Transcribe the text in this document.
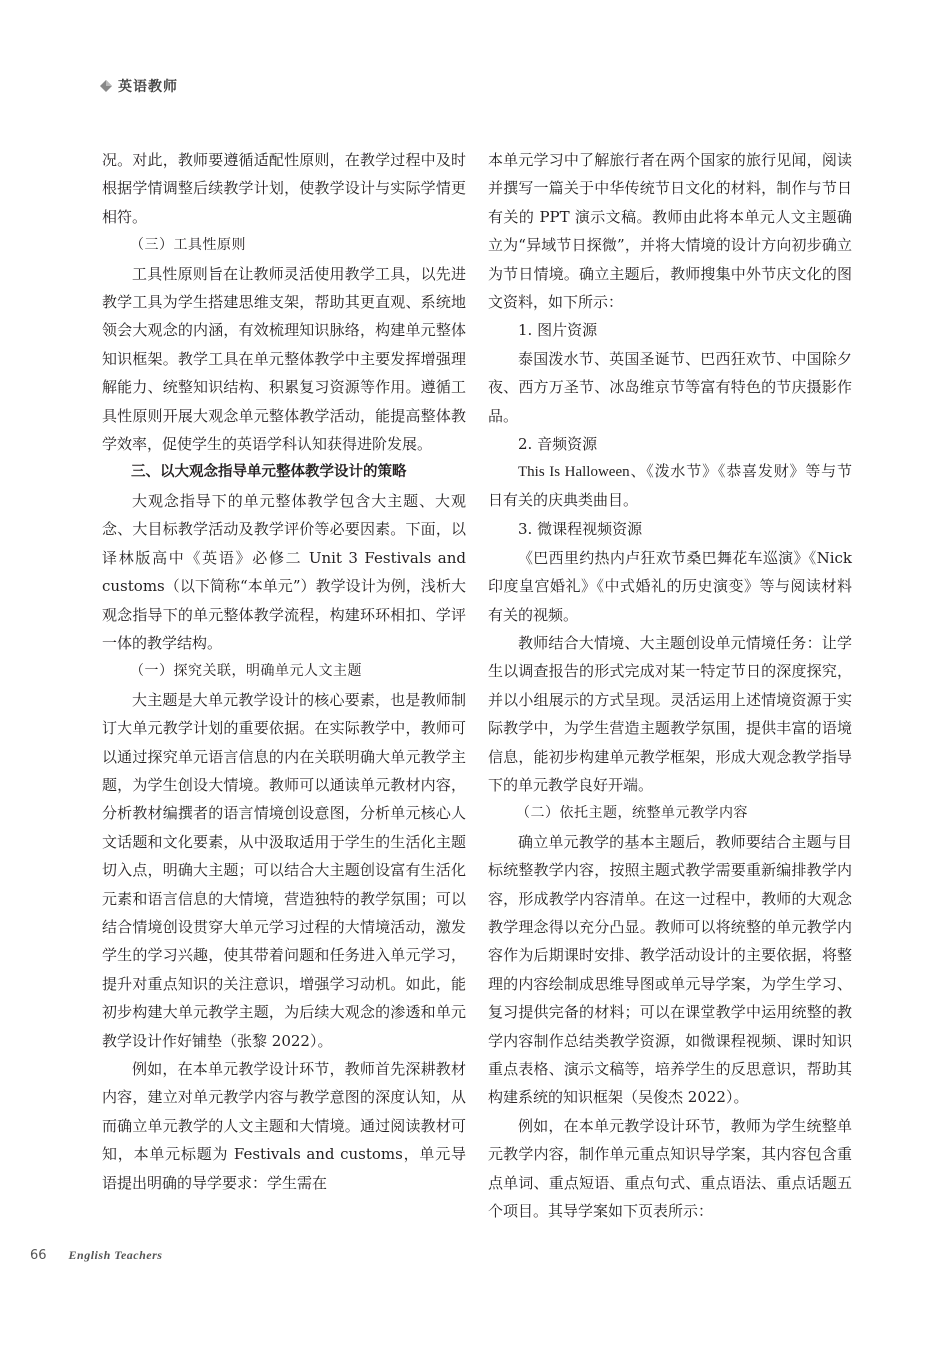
英语教师

况。对此，教师要遵循适配性原则，在教学过程中及时根据学情调整后续教学计划，使教学设计与实际学情更相符。

（三）工具性原则

工具性原则旨在让教师灵活使用教学工具，以先进教学工具为学生搭建思维支架，帮助其更直观、系统地领会大观念的内涵，有效梳理知识脉络，构建单元整体知识框架。教学工具在单元整体教学中主要发挥增强理解能力、统整知识结构、积累复习资源等作用。遵循工具性原则开展大观念单元整体教学活动，能提高整体教学效率，促使学生的英语学科认知获得进阶发展。

三、以大观念指导单元整体教学设计的策略

大观念指导下的单元整体教学包含大主题、大观念、大目标教学活动及教学评价等必要因素。下面，以译林版高中《英语》必修二 Unit 3 Festivals and customs（以下简称“本单元”）教学设计为例，浅析大观念指导下的单元整体教学流程，构建环环相扣、学评一体的教学结构。

（一）探究关联，明确单元人文主题

大主题是大单元教学设计的核心要素，也是教师制订大单元教学计划的重要依据。在实际教学中，教师可以通过探究单元语言信息的内在关联明确大单元教学主题，为学生创设大情境。教师可以通读单元教材内容，分析教材编撰者的语言情境创设意图，分析单元核心人文话题和文化要素，从中汲取适用于学生的生活化主题切入点，明确大主题；可以结合大主题创设富有生活化元素和语言信息的大情境，营造独特的教学氛围；可以结合情境创设贯穿大单元学习过程的大情境活动，激发学生的学习兴趣，使其带着问题和任务进入单元学习，提升对重点知识的关注意识，增强学习动机。如此，能初步构建大单元教学主题，为后续大观念的渗透和单元教学设计作好铺垫（张黎 2022）。

例如，在本单元教学设计环节，教师首先深耕教材内容，建立对单元教学内容与教学意图的深度认知，从而确立单元教学的人文主题和大情境。通过阅读教材可知，本单元标题为 Festivals and customs，单元导语提出明确的导学要求：学生需在

本单元学习中了解旅行者在两个国家的旅行见闻，阅读并撰写一篇关于中华传统节日文化的材料，制作与节日有关的 PPT 演示文稿。教师由此将本单元人文主题确立为“异域节日探微”，并将大情境的设计方向初步确立为节日情境。确立主题后，教师搜集中外节庆文化的图文资料，如下所示：

1. 图片资源

泰国泼水节、英国圣诞节、巴西狂欢节、中国除夕夜、西方万圣节、冰岛维京节等富有特色的节庆摄影作品。

2. 音频资源

This Is Halloween、《泼水节》《恭喜发财》等与节日有关的庆典类曲目。

3. 微课程视频资源

《巴西里约热内卢狂欢节桑巴舞花车巡演》《Nick 印度皇宫婚礼》《中式婚礼的历史演变》等与阅读材料有关的视频。

教师结合大情境、大主题创设单元情境任务：让学生以调查报告的形式完成对某一特定节日的深度探究，并以小组展示的方式呈现。灵活运用上述情境资源于实际教学中，为学生营造主题教学氛围，提供丰富的语境信息，能初步构建单元教学框架，形成大观念教学指导下的单元教学良好开端。

（二）依托主题，统整单元教学内容

确立单元教学的基本主题后，教师要结合主题与目标统整教学内容，按照主题式教学需要重新编排教学内容，形成教学内容清单。在这一过程中，教师的大观念教学理念得以充分凸显。教师可以将统整的单元教学内容作为后期课时安排、教学活动设计的主要依据，将整理的内容绘制成思维导图或单元导学案，为学生学习、复习提供完备的材料；可以在课堂教学中运用统整的教学内容制作总结类教学资源，如微课程视频、课时知识重点表格、演示文稿等，培养学生的反思意识，帮助其构建系统的知识框架（吴俊杰 2022）。

例如，在本单元教学设计环节，教师为学生统整单元教学内容，制作单元重点知识导学案，其内容包含重点单词、重点短语、重点句式、重点语法、重点话题五个项目。其导学案如下页表所示：

66 English Teachers
